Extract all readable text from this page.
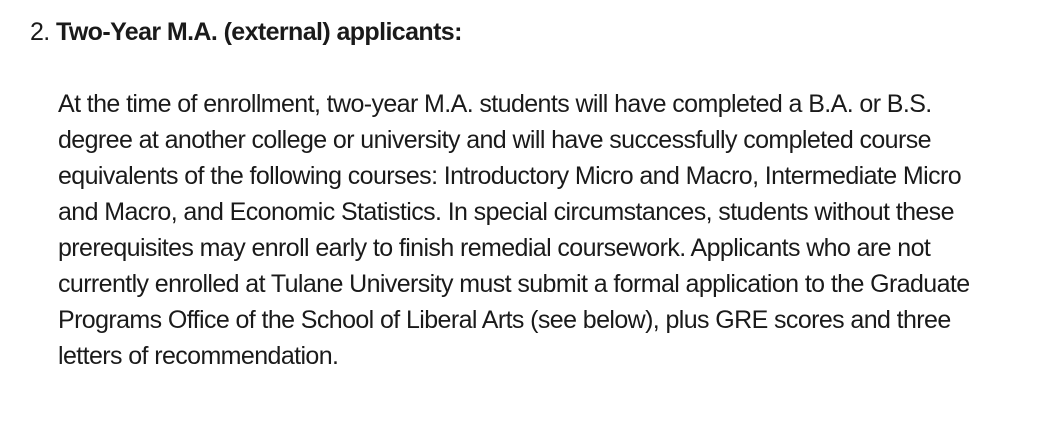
2. Two-Year M.A. (external) applicants:
At the time of enrollment, two-year M.A. students will have completed a B.A. or B.S.
degree at another college or university and will have successfully completed course
equivalents of the following courses: Introductory Micro and Macro, Intermediate Micro
and Macro, and Economic Statistics. In special circumstances, students without these
prerequisites may enroll early to finish remedial coursework. Applicants who are not
currently enrolled at Tulane University must submit a formal application to the Graduate
Programs Office of the School of Liberal Arts (see below), plus GRE scores and three
letters of recommendation.
